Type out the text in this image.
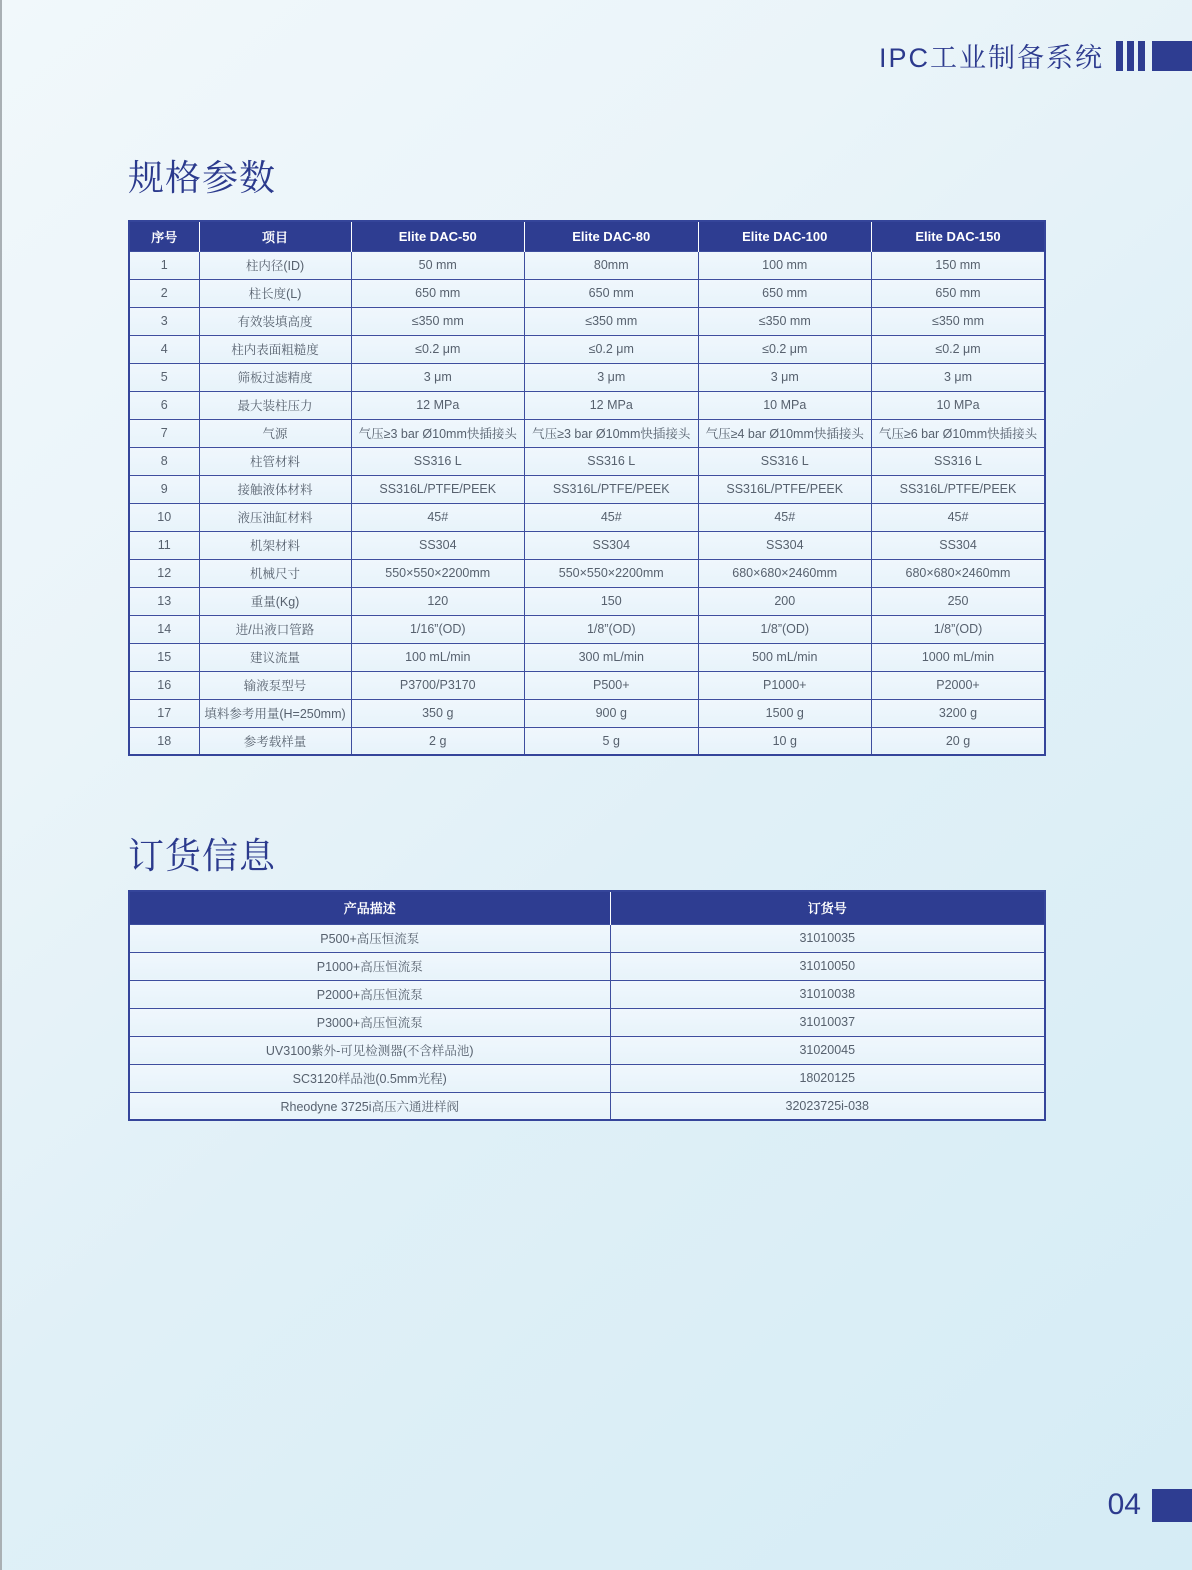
IPC工业制备系统
规格参数
序号	项目	Elite DAC-50	Elite DAC-80	Elite DAC-100	Elite DAC-150
1	柱内径(ID)	50 mm	80mm	100 mm	150 mm
2	柱长度(L)	650 mm	650 mm	650 mm	650 mm
3	有效装填高度	≤350 mm	≤350 mm	≤350 mm	≤350 mm
4	柱内表面粗糙度	≤0.2 μm	≤0.2 μm	≤0.2 μm	≤0.2 μm
5	筛板过滤精度	3 μm	3 μm	3 μm	3 μm
6	最大装柱压力	12 MPa	12 MPa	10 MPa	10 MPa
7	气源	气压≥3 bar Ø10mm快插接头	气压≥3 bar Ø10mm快插接头	气压≥4 bar Ø10mm快插接头	气压≥6 bar Ø10mm快插接头
8	柱管材料	SS316 L	SS316 L	SS316 L	SS316 L
9	接触液体材料	SS316L/PTFE/PEEK	SS316L/PTFE/PEEK	SS316L/PTFE/PEEK	SS316L/PTFE/PEEK
10	液压油缸材料	45#	45#	45#	45#
11	机架材料	SS304	SS304	SS304	SS304
12	机械尺寸	550×550×2200mm	550×550×2200mm	680×680×2460mm	680×680×2460mm
13	重量(Kg)	120	150	200	250
14	进/出液口管路	1/16”(OD)	1/8”(OD)	1/8”(OD)	1/8”(OD)
15	建议流量	100 mL/min	300 mL/min	500 mL/min	1000 mL/min
16	输液泵型号	P3700/P3170	P500+	P1000+	P2000+
17	填料参考用量(H=250mm)	350 g	900 g	1500 g	3200 g
18	参考载样量	2 g	5 g	10 g	20 g
订货信息
产品描述	订货号
P500+高压恒流泵	31010035
P1000+高压恒流泵	31010050
P2000+高压恒流泵	31010038
P3000+高压恒流泵	31010037
UV3100紫外-可见检测器(不含样品池)	31020045
SC3120样品池(0.5mm光程)	18020125
Rheodyne 3725i高压六通进样阀	32023725i-038
04
